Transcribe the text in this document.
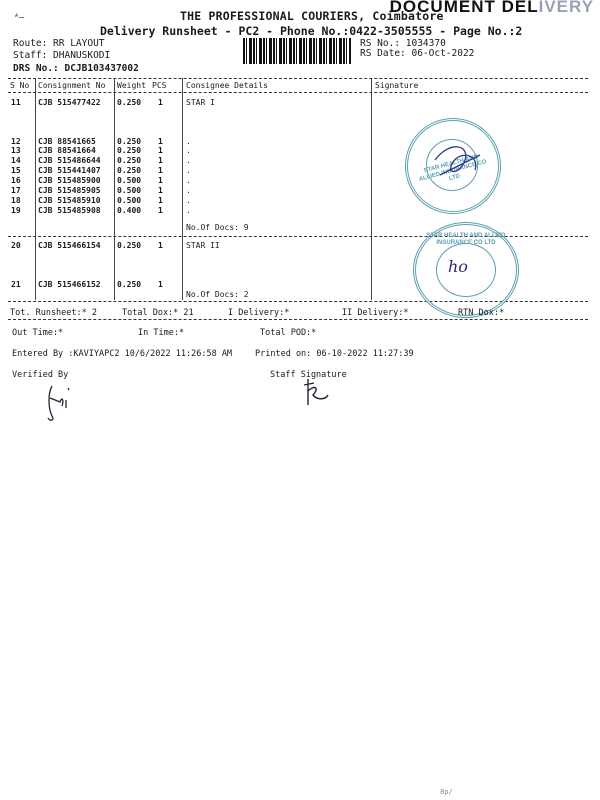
ᴬ–
DOCUMENT DELIVERY
THE PROFESSIONAL COURIERS, Coimbatore
Delivery Runsheet - PC2 - Phone No.:0422-3505555 - Page No.:2
Route: RR LAYOUT
Staff: DHANUSKODI
DRS No.: DCJB103437002
RS No.: 1034370
RS Date: 06-Oct-2022
S No Consignment No Weight PCS Consignee Details	Signature
11 CJB 515477422 0.250 1	STAR I
12 CJB 88541665	0.250 1	.
13 CJB 88541664	0.250 1	.
14 CJB 515486644 0.250 1	.
15 CJB 515441407 0.250 1	.
16 CJB 515485900 0.500 1	.
17 CJB 515485905 0.500 1	.
18 CJB 515485910 0.500 1	.
19 CJB 515485908 0.400 1	.
No.Of Docs: 9
20 CJB 515466154 0.250 1	STAR II
21 CJB 515466152 0.250 1
No.Of Docs: 2
STAR HEALTH AND ALLIED INSURANCE CO LTD
STAR HEALTH AND ALLIED INSURANCE CO LTD
ho
Tot. Runsheet:* 2	Total Dox:* 21	I Delivery:*	II Delivery:*	RTN Dox:*
Out Time:*	In Time:*	Total POD:*
Entered By :KAVIYAPC2 10/6/2022 11:26:58 AM	Printed on: 06-10-2022 11:27:39
Verified By	Staff Signature
8p/
